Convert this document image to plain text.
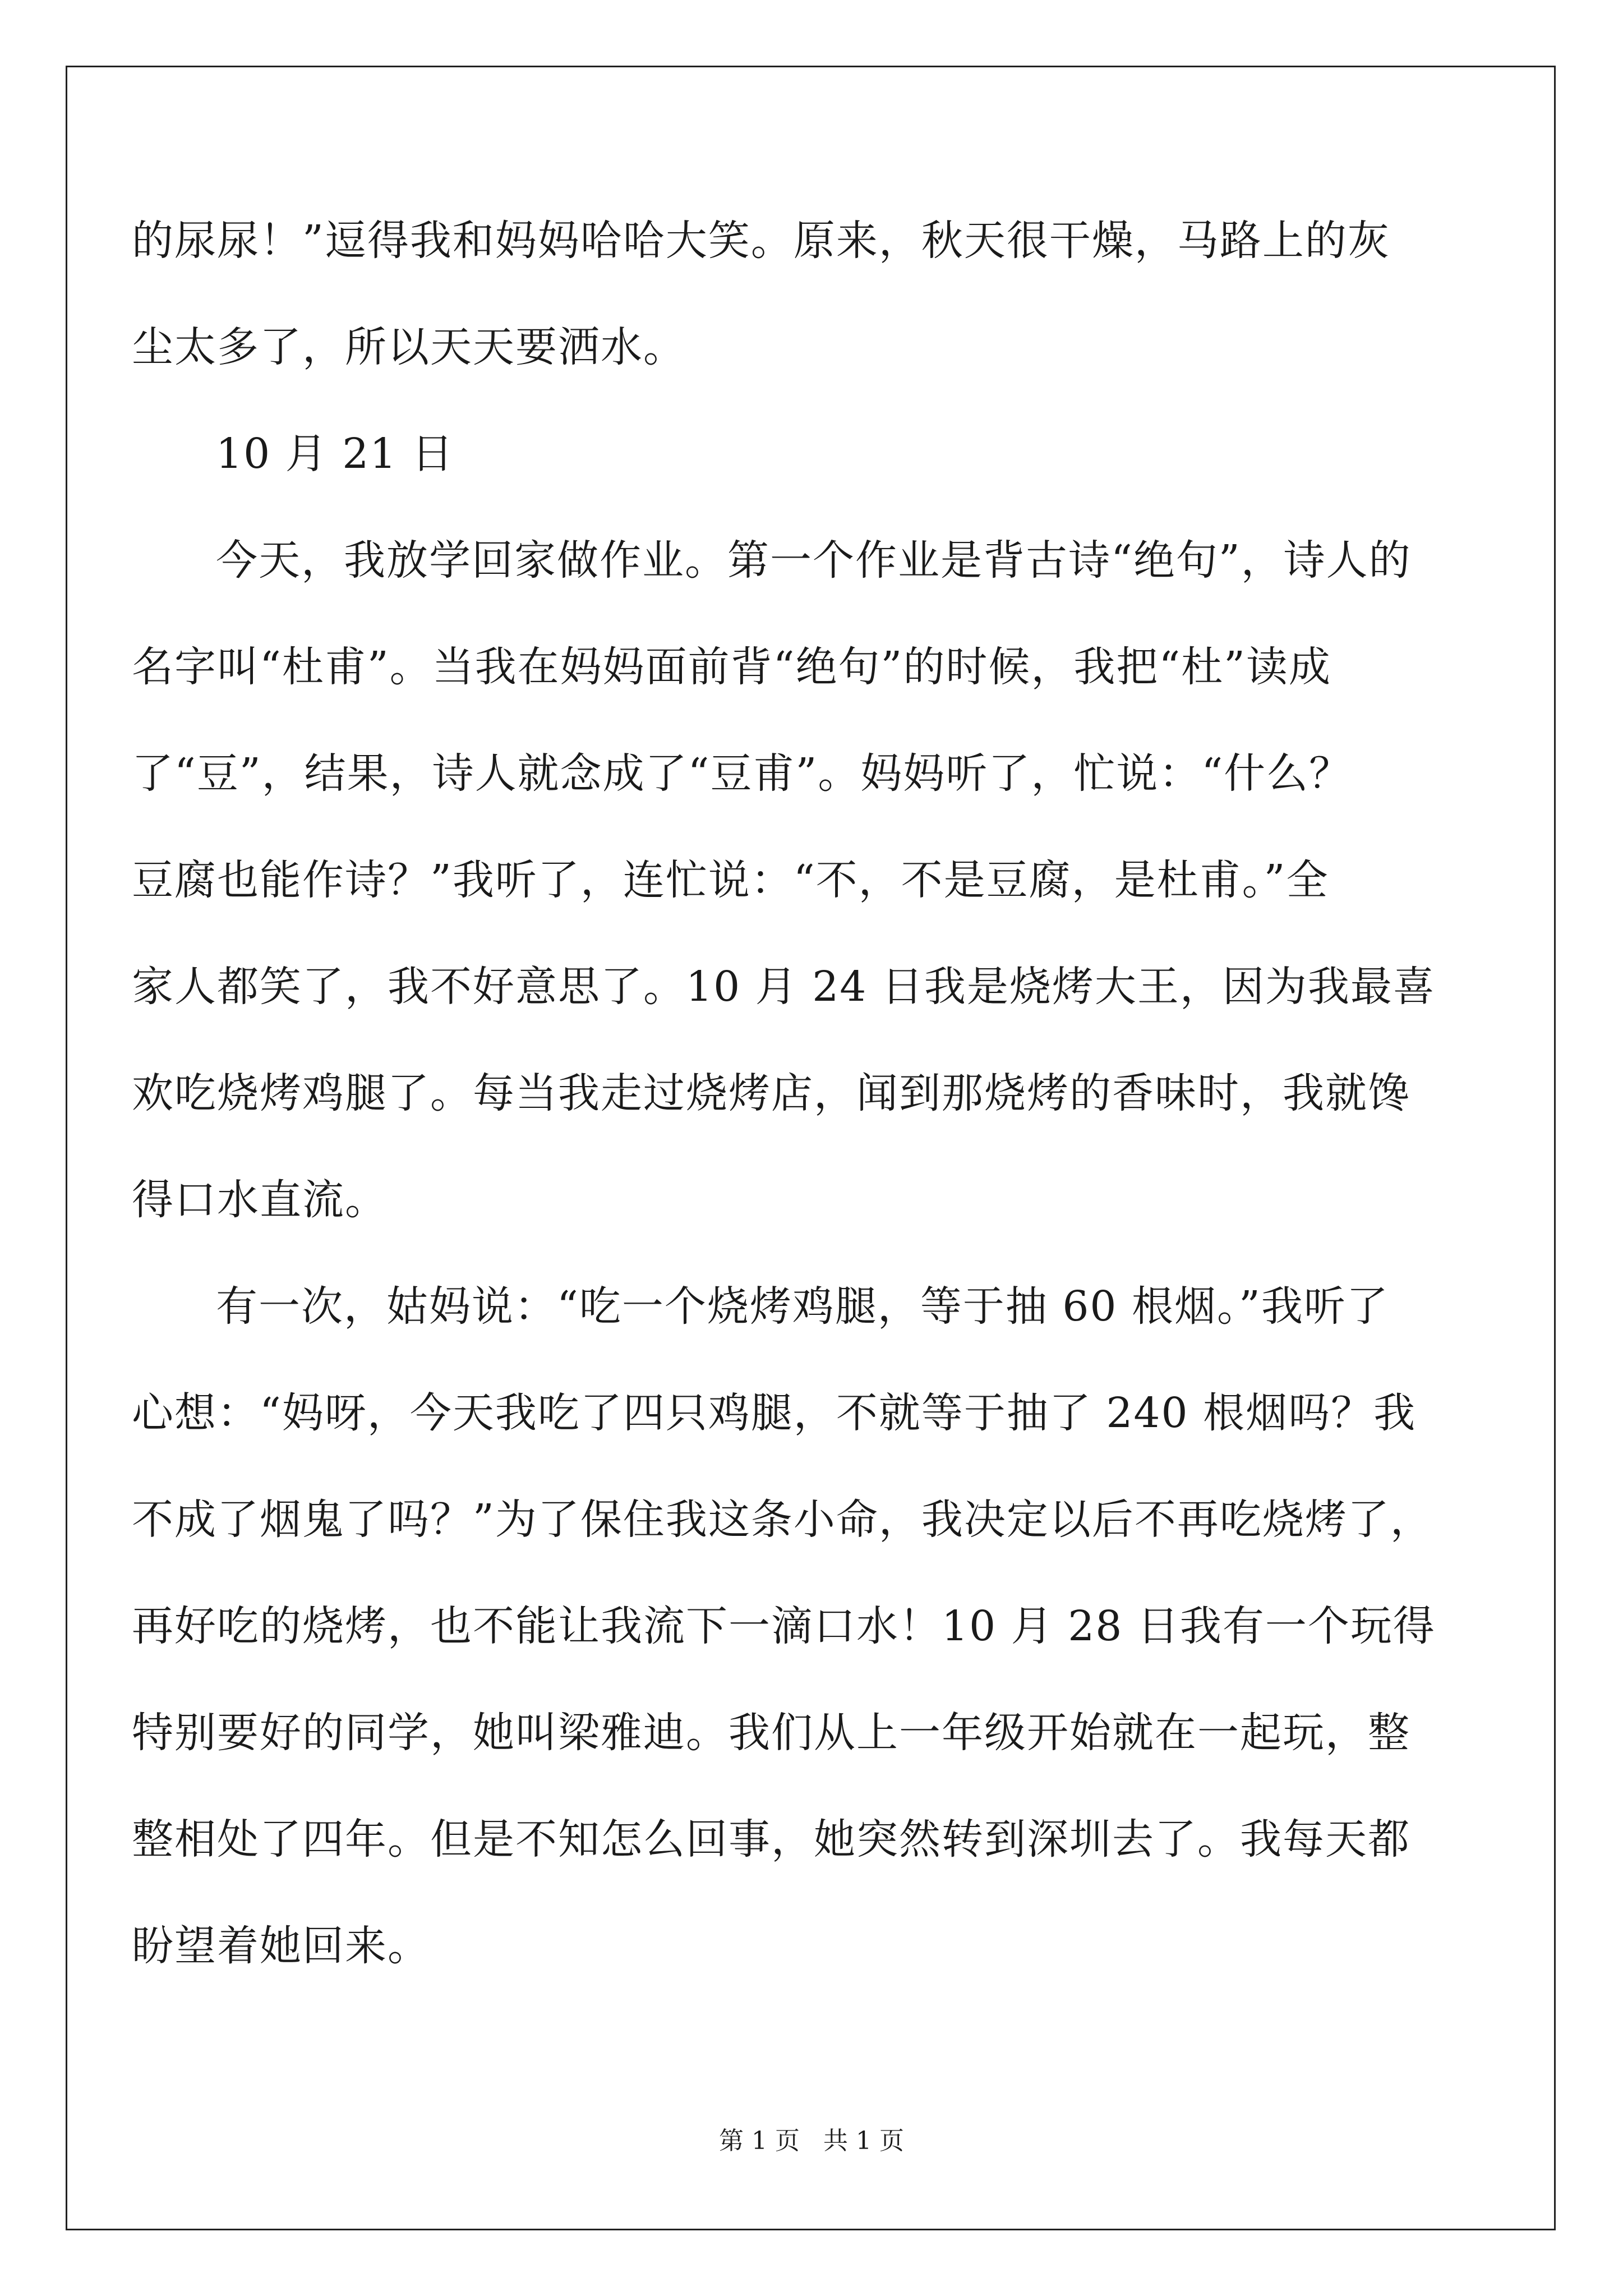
的尿尿！”逗得我和妈妈哈哈大笑。原来，秋天很干燥，马路上的灰
尘太多了，所以天天要洒水。
10 月 21 日
今天，我放学回家做作业。第一个作业是背古诗“绝句”，诗人的
名字叫“杜甫”。当我在妈妈面前背“绝句”的时候，我把“杜”读成
了“豆”，结果，诗人就念成了“豆甫”。妈妈听了，忙说：“什么？
豆腐也能作诗？”我听了，连忙说：“不，不是豆腐，是杜甫。”全
家人都笑了，我不好意思了。10 月 24 日我是烧烤大王，因为我最喜
欢吃烧烤鸡腿了。每当我走过烧烤店，闻到那烧烤的香味时，我就馋
得口水直流。
有一次，姑妈说：“吃一个烧烤鸡腿，等于抽 60 根烟。”我听了
心想：“妈呀，今天我吃了四只鸡腿，不就等于抽了 240 根烟吗？我
不成了烟鬼了吗？”为了保住我这条小命，我决定以后不再吃烧烤了，
再好吃的烧烤，也不能让我流下一滴口水！10 月 28 日我有一个玩得
特别要好的同学，她叫梁雅迪。我们从上一年级开始就在一起玩，整
整相处了四年。但是不知怎么回事，她突然转到深圳去了。我每天都
盼望着她回来。
第 1 页   共 1 页
